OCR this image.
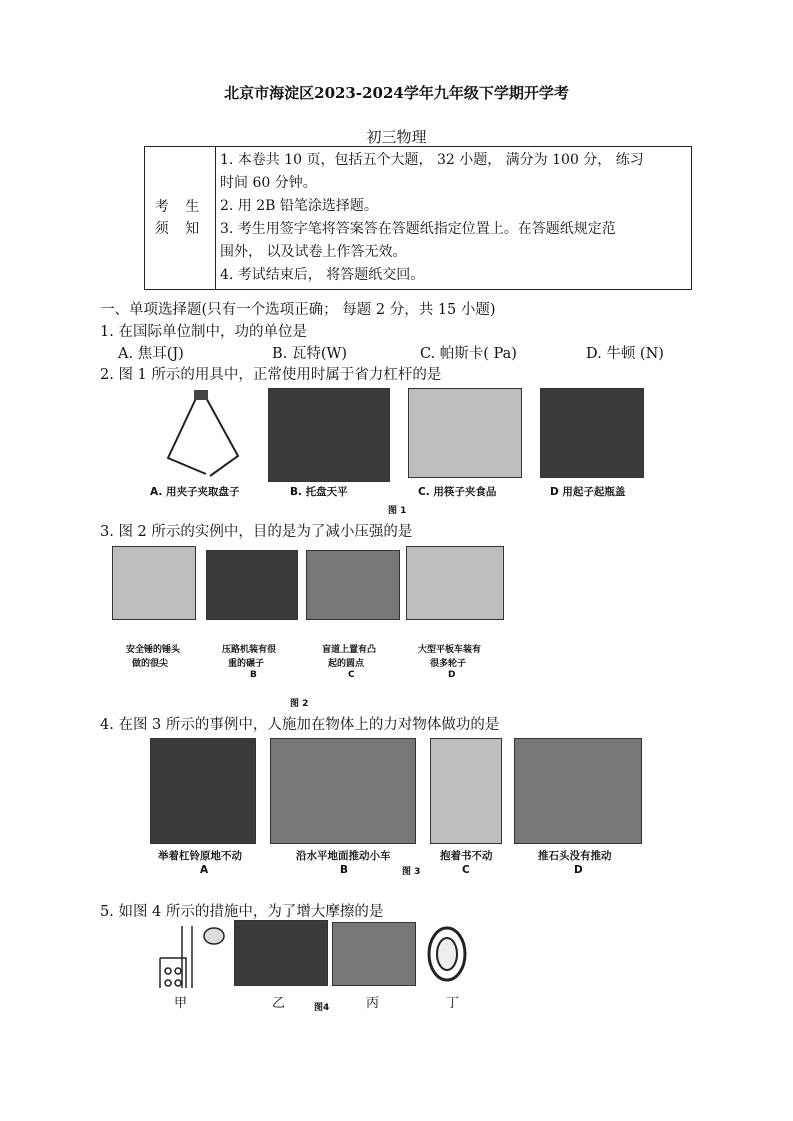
北京市海淀区2023-2024学年九年级下学期开学考
初三物理
考 生
须 知

1. 本卷共 10 页，包括五个大题， 32 小题， 满分为 100 分， 练习
时间 60 分钟。
2. 用 2B 铅笔涂选择题。
3. 考生用签字笔将答案答在答题纸指定位置上。在答题纸规定范
围外， 以及试卷上作答无效。
4. 考试结束后， 将答题纸交回。
一、单项选择题(只有一个选项正确； 每题 2 分，共 15 小题)
1. 在国际单位制中，功的单位是
A. 焦耳(J)	B. 瓦特(W)	C. 帕斯卡( Pa)	D. 牛顿 (N)
2. 图 1 所示的用具中，正常使用时属于省力杠杆的是
A. 用夹子夹取盘子	B. 托盘天平	C. 用筷子夹食品	D 用起子起瓶盖
图 1
3. 图 2 所示的实例中，目的是为了减小压强的是
安全锤的锤头
做的很尖
压路机装有很
重的碾子
B
盲道上置有凸
起的圆点
C
大型平板车装有
很多轮子
D
图 2
4. 在图 3 所示的事例中，人施加在物体上的力对物体做功的是
举着杠铃原地不动	沿水平地面推动小车	抱着书不动	推石头没有推动
A	B	图 3	C	D
5. 如图 4 所示的措施中，为了增大摩擦的是
甲	乙	图4	丙	丁
